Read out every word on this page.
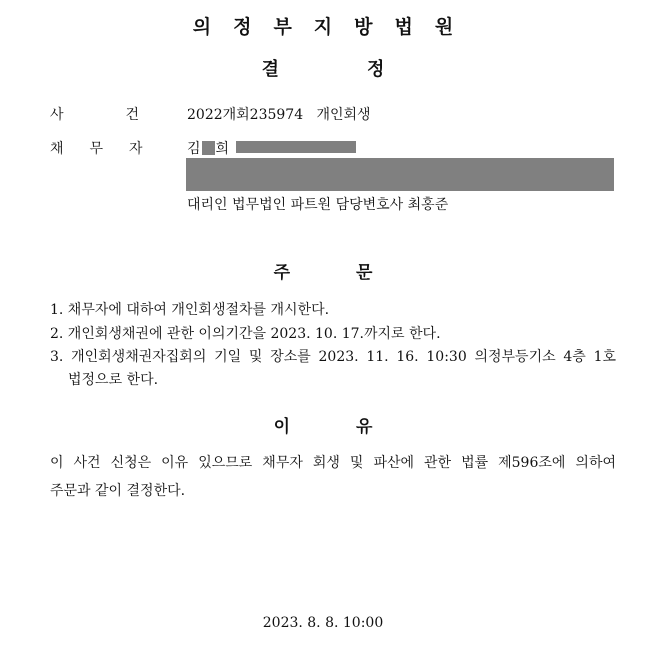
의정부지방법원
결정
사건
2022개회235974 개인회생
채무자 김 희
대리인 법무법인 파트원 담당변호사 최홍준
주문
1. 채무자에 대하여 개인회생절차를 개시한다.
2. 개인회생채권에 관한 이의기간을 2023. 10. 17.까지로 한다.
3. 개인회생채권자집회의 기일 및 장소를 2023. 11. 16. 10:30 의정부등기소 4층 1호
법정으로 한다.
이유
이 사건 신청은 이유 있으므로 채무자 회생 및 파산에 관한 법률 제596조에 의하여
주문과 같이 결정한다.
2023. 8. 8. 10:00
